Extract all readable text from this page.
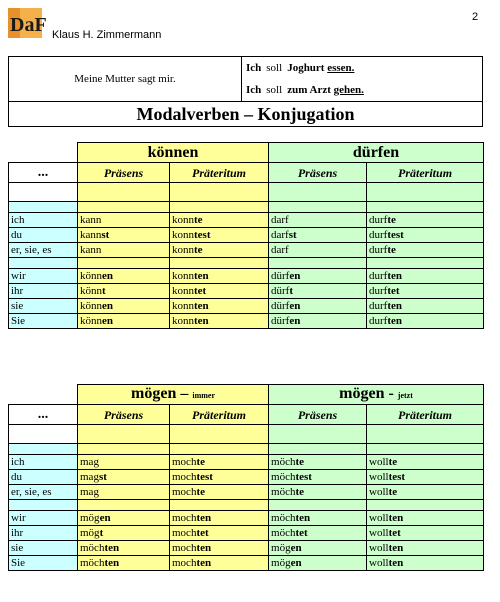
DaF Klaus H. Zimmermann
2
Meine Mutter sagt mir.	Ich soll Joghurt essen.
Ich soll zum Arzt gehen.
Modalverben – Konjugation
	können		dürfen	
...	Präsens	Präteritum	Präsens	Präteritum

ich	kann	konnte	darf	durfte
du	kannst	konntest	darfst	durftest
er, sie, es	kann	konnte	darf	durfte

wir	können	konnten	dürfen	durften
ihr	könnt	konntet	dürft	durftet
sie	können	konnten	dürfen	durften
Sie	können	konnten	dürfen	durften
	mögen – immer		mögen - jetzt	
...	Präsens	Präteritum	Präsens	Präteritum

ich	mag	mochte	möchte	wollte
du	magst	mochtest	möchtest	wolltest
er, sie, es	mag	mochte	möchte	wollte

wir	mögen	mochten	möchten	wollten
ihr	mögt	mochtet	möchtet	wolltet
sie	möchten	mochten	mögen	wollten
Sie	möchten	mochten	mögen	wollten
